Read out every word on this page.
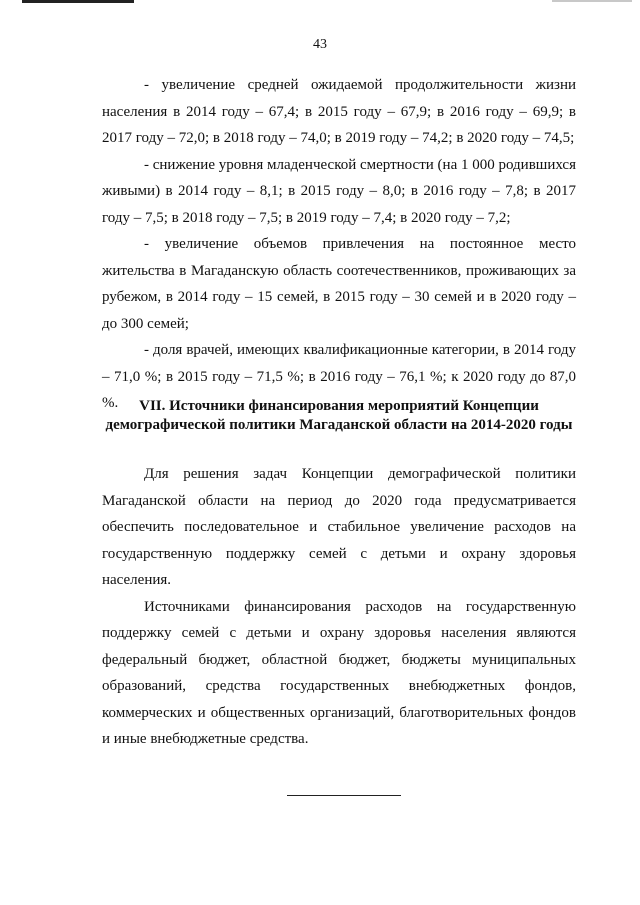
43

- увеличение средней ожидаемой продолжительности жизни населения в 2014 году – 67,4; в 2015 году – 67,9; в 2016 году – 69,9; в 2017 году – 72,0; в 2018 году – 74,0; в 2019 году – 74,2; в 2020 году – 74,5;

- снижение уровня младенческой смертности (на 1 000 родившихся живыми) в 2014 году – 8,1; в 2015 году – 8,0; в 2016 году – 7,8; в 2017 году – 7,5; в 2018 году – 7,5; в 2019 году – 7,4; в 2020 году – 7,2;

- увеличение объемов привлечения на постоянное место жительства в Магаданскую область соотечественников, проживающих за рубежом, в 2014 году – 15 семей, в 2015 году – 30 семей и в 2020 году – до 300 семей;

- доля врачей, имеющих квалификационные категории, в 2014 году – 71,0 %; в 2015 году – 71,5 %; в 2016 году – 76,1 %; к 2020 году до 87,0 %.	VII. Источники финансирования мероприятий Концепции
демографической политики Магаданской области на 2014-2020 годы

Для решения задач Концепции демографической политики Магаданской области на период до 2020 года предусматривается обеспечить последовательное и стабильное увеличение расходов на государственную поддержку семей с детьми и охрану здоровья населения.

Источниками финансирования расходов на государственную поддержку семей с детьми и охрану здоровья населения являются федеральный бюджет, областной бюджет, бюджеты муниципальных образований, средства государственных внебюджетных фондов, коммерческих и общественных организаций, благотворительных фондов и иные внебюджетные средства.
